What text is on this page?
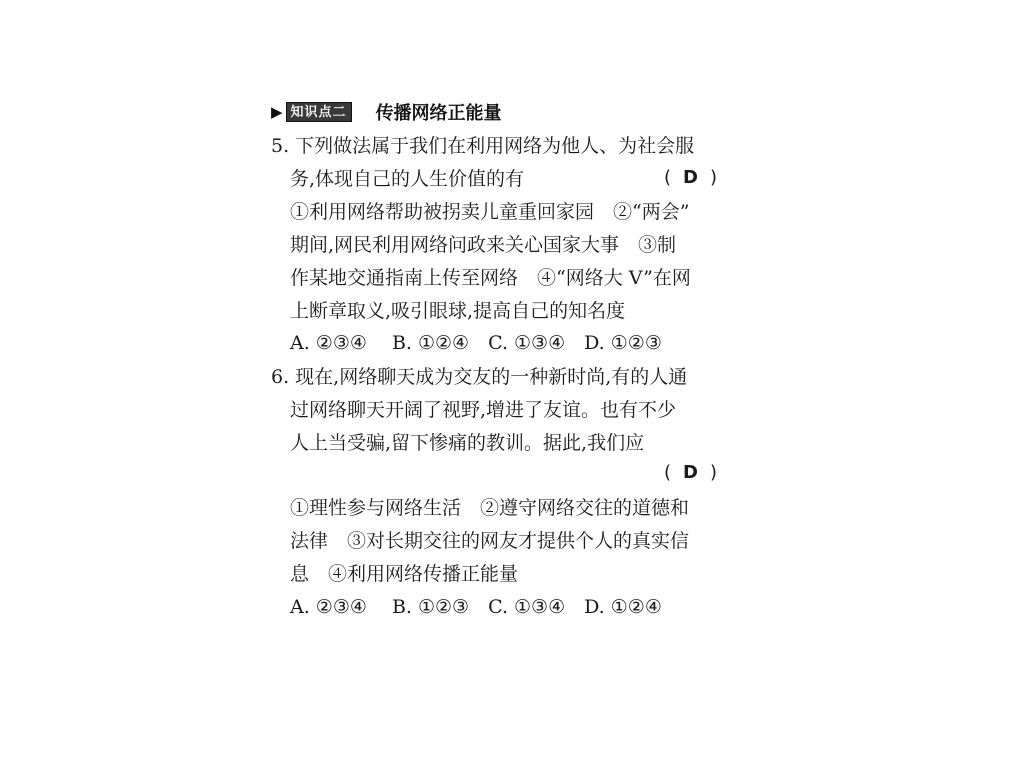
▶ 知识点二 传播网络正能量
5. 下列做法属于我们在利用网络为他人、为社会服
务,体现自己的人生价值的有	( D )
①利用网络帮助被拐卖儿童重回家园　②“两会”
期间,网民利用网络问政来关心国家大事　③制
作某地交通指南上传至网络　④“网络大 V”在网
上断章取义,吸引眼球,提高自己的知名度
A. ②③④　 B. ①②④　C. ①③④　D. ①②③
6. 现在,网络聊天成为交友的一种新时尚,有的人通
过网络聊天开阔了视野,增进了友谊。也有不少
人上当受骗,留下惨痛的教训。据此,我们应
( D )
①理性参与网络生活　②遵守网络交往的道德和
法律　③对长期交往的网友才提供个人的真实信
息　④利用网络传播正能量
A. ②③④　 B. ①②③　C. ①③④　D. ①②④
